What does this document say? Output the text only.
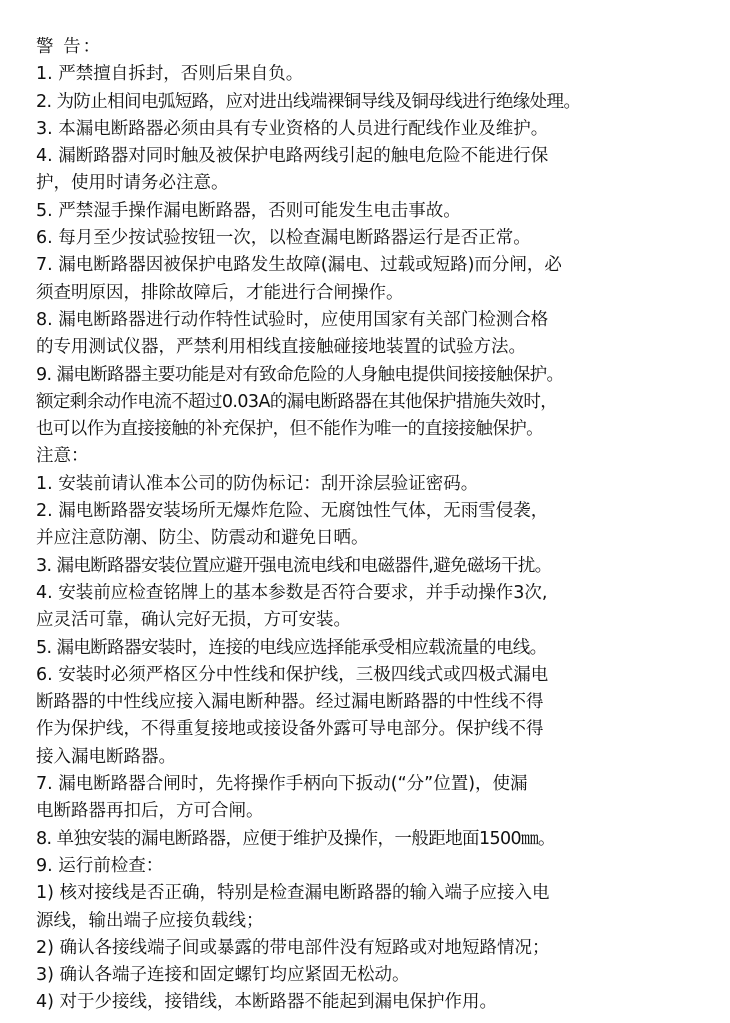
警 告：
1. 严禁擅自拆封，否则后果自负。
2. 为防止相间电弧短路，应对进出线端裸铜导线及铜母线进行绝缘处理。
3. 本漏电断路器必须由具有专业资格的人员进行配线作业及维护。
4. 漏断路器对同时触及被保护电路两线引起的触电危险不能进行保
护，使用时请务必注意。
5. 严禁湿手操作漏电断路器，否则可能发生电击事故。
6. 每月至少按试验按钮一次，以检查漏电断路器运行是否正常。
7. 漏电断路器因被保护电路发生故障(漏电、过载或短路)而分闸，必
须查明原因，排除故障后，才能进行合闸操作。
8. 漏电断路器进行动作特性试验时，应使用国家有关部门检测合格
的专用测试仪器，严禁利用相线直接触碰接地装置的试验方法。
9. 漏电断路器主要功能是对有致命危险的人身触电提供间接接触保护。
额定剩余动作电流不超过0.03A的漏电断路器在其他保护措施失效时，
也可以作为直接接触的补充保护，但不能作为唯一的直接接触保护。
注意：
1. 安装前请认准本公司的防伪标记：刮开涂层验证密码。
2. 漏电断路器安装场所无爆炸危险、无腐蚀性气体，无雨雪侵袭，
并应注意防潮、防尘、防震动和避免日晒。
3. 漏电断路器安装位置应避开强电流电线和电磁器件,避免磁场干扰。
4. 安装前应检查铭牌上的基本参数是否符合要求，并手动操作3次,
应灵活可靠，确认完好无损，方可安装。
5. 漏电断路器安装时，连接的电线应选择能承受相应载流量的电线。
6. 安装时必须严格区分中性线和保护线，三极四线式或四极式漏电
断路器的中性线应接入漏电断种器。经过漏电断路器的中性线不得
作为保护线，不得重复接地或接设备外露可导电部分。保护线不得
接入漏电断路器。
7. 漏电断路器合闸时，先将操作手柄向下扳动(“分”位置)，使漏
电断路器再扣后，方可合闸。
8. 单独安装的漏电断路器，应便于维护及操作，一般距地面1500㎜。
9. 运行前检查：
1) 核对接线是否正确，特别是检查漏电断路器的输入端子应接入电
源线，输出端子应接负载线；
2) 确认各接线端子间或暴露的带电部件没有短路或对地短路情况；
3) 确认各端子连接和固定螺钉均应紧固无松动。
4) 对于少接线，接错线，本断路器不能起到漏电保护作用。
